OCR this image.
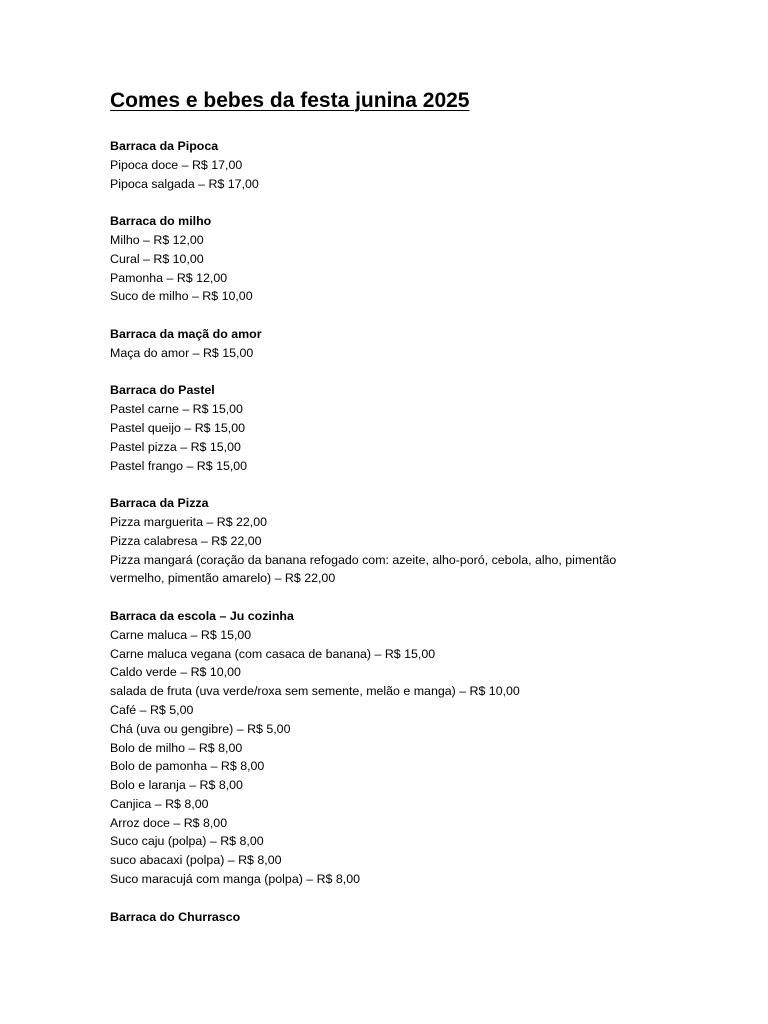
Comes e bebes da festa junina 2025
Barraca da Pipoca
Pipoca doce – R$ 17,00
Pipoca salgada – R$ 17,00
Barraca do milho
Milho – R$ 12,00
Cural – R$ 10,00
Pamonha – R$ 12,00
Suco de milho – R$ 10,00
Barraca da maçã do amor
Maça do amor – R$ 15,00
Barraca do Pastel
Pastel carne – R$ 15,00
Pastel queijo – R$ 15,00
Pastel pizza – R$ 15,00
Pastel frango – R$ 15,00
Barraca da Pizza
Pizza marguerita – R$ 22,00
Pizza calabresa – R$ 22,00
Pizza mangará (coração da banana refogado com: azeite, alho-poró, cebola, alho, pimentão vermelho, pimentão amarelo) – R$ 22,00
Barraca da escola – Ju cozinha
Carne maluca – R$ 15,00
Carne maluca vegana (com casaca de banana) – R$ 15,00
Caldo verde – R$ 10,00
salada de fruta (uva verde/roxa sem semente, melão e manga) – R$ 10,00
Café – R$ 5,00
Chá (uva ou gengibre) – R$ 5,00
Bolo de milho – R$ 8,00
Bolo de pamonha – R$ 8,00
Bolo e laranja – R$ 8,00
Canjica – R$ 8,00
Arroz doce – R$ 8,00
Suco caju (polpa) – R$ 8,00
suco abacaxi (polpa) – R$ 8,00
Suco maracujá com manga (polpa) – R$ 8,00
Barraca do Churrasco
